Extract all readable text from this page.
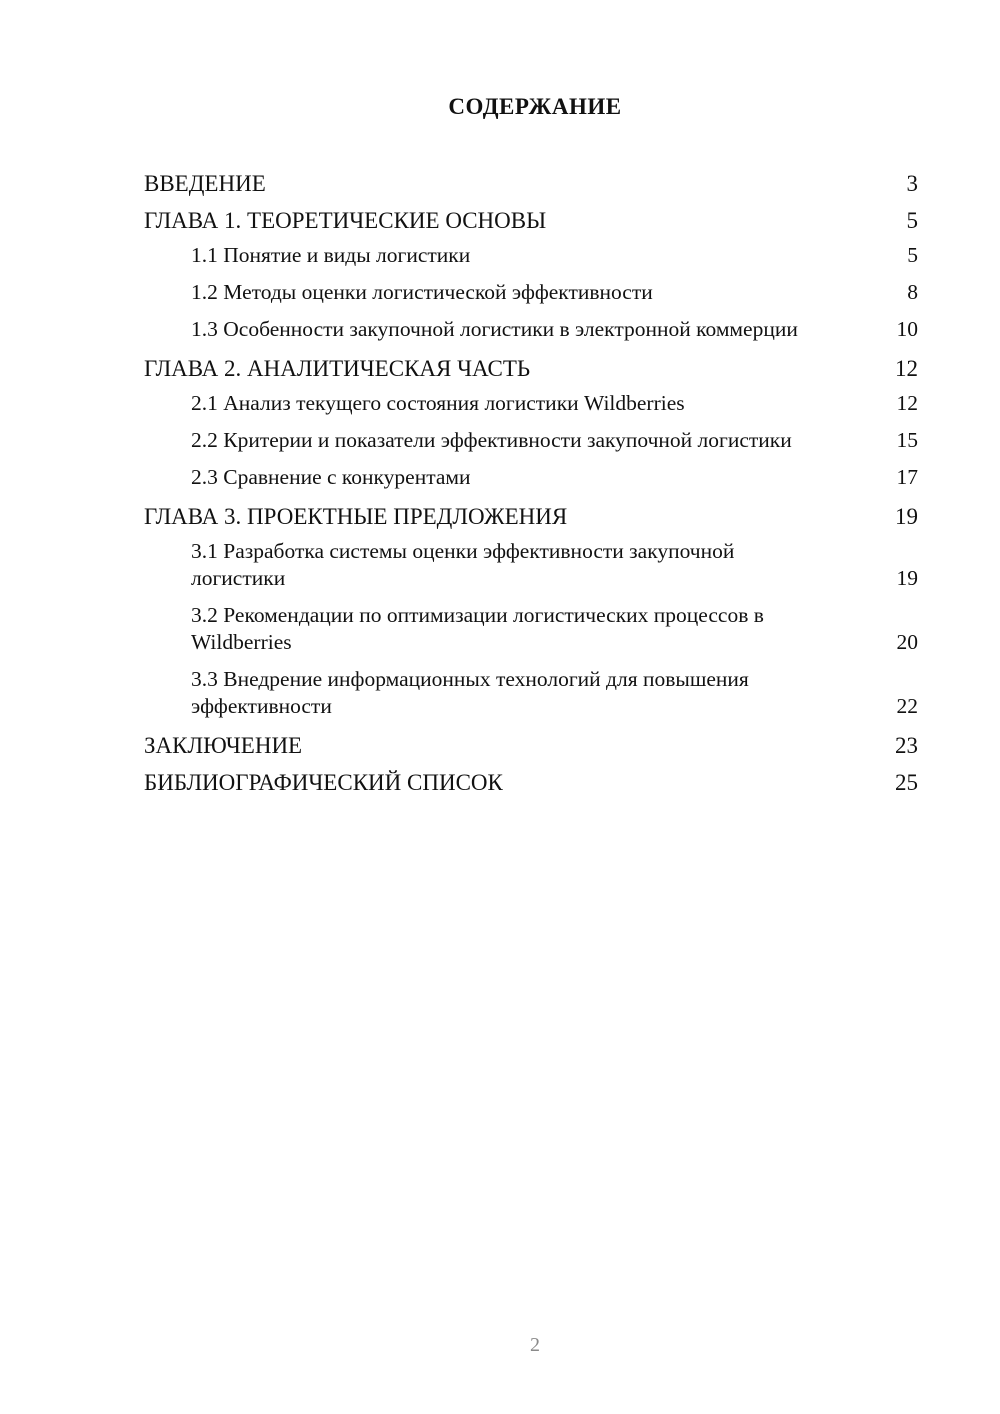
СОДЕРЖАНИЕ
ВВЕДЕНИЕ	3
ГЛАВА 1. ТЕОРЕТИЧЕСКИЕ ОСНОВЫ	5
1.1 Понятие и виды логистики	5
1.2 Методы оценки логистической эффективности	8
1.3 Особенности закупочной логистики в электронной коммерции	10
ГЛАВА 2. АНАЛИТИЧЕСКАЯ ЧАСТЬ	12
2.1 Анализ текущего состояния логистики Wildberries	12
2.2 Критерии и показатели эффективности закупочной логистики	15
2.3 Сравнение с конкурентами	17
ГЛАВА 3. ПРОЕКТНЫЕ ПРЕДЛОЖЕНИЯ	19
3.1 Разработка системы оценки эффективности закупочной логистики	19
3.2 Рекомендации по оптимизации логистических процессов в Wildberries	20
3.3 Внедрение информационных технологий для повышения эффективности	22
ЗАКЛЮЧЕНИЕ	23
БИБЛИОГРАФИЧЕСКИЙ СПИСОК	25
2
